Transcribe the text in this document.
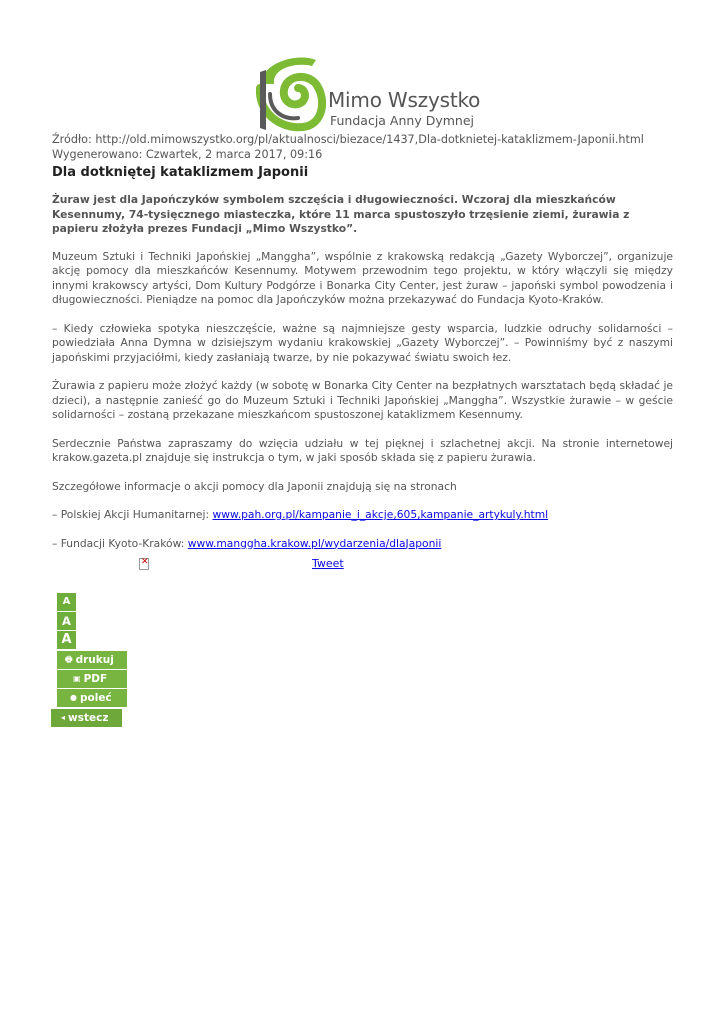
Mimo Wszystko
Fundacja Anny Dymnej
Źródło: http://old.mimowszystko.org/pl/aktualnosci/biezace/1437,Dla-dotknietej-kataklizmem-Japonii.html
Wygenerowano: Czwartek, 2 marca 2017, 09:16
Dla dotkniętej kataklizmem Japonii

Żuraw jest dla Japończyków symbolem szczęścia i długowieczności. Wczoraj dla mieszkańców Kesennumy, 74-tysięcznego miasteczka, które 11 marca spustoszyło trzęsienie ziemi, żurawia z papieru złożyła prezes Fundacji „Mimo Wszystko”.

Muzeum Sztuki i Techniki Japońskiej „Manggha”, wspólnie z krakowską redakcją „Gazety Wyborczej”, organizuje akcję pomocy dla mieszkańców Kesennumy. Motywem przewodnim tego projektu, w który włączyli się między innymi krakowscy artyści, Dom Kultury Podgórze i Bonarka City Center, jest żuraw – japoński symbol powodzenia i długowieczności. Pieniądze na pomoc dla Japończyków można przekazywać do Fundacja Kyoto-Kraków.

– Kiedy człowieka spotyka nieszczęście, ważne są najmniejsze gesty wsparcia, ludzkie odruchy solidarności – powiedziała Anna Dymna w dzisiejszym wydaniu krakowskiej „Gazety Wyborczej”. – Powinniśmy być z naszymi japońskimi przyjaciółmi, kiedy zasłaniają twarze, by nie pokazywać światu swoich łez.

Żurawia z papieru może złożyć każdy (w sobotę w Bonarka City Center na bezpłatnych warsztatach będą składać je dzieci), a następnie zanieść go do Muzeum Sztuki i Techniki Japońskiej „Manggha”. Wszystkie żurawie – w geście solidarności – zostaną przekazane mieszkańcom spustoszonej kataklizmem Kesennumy.

Serdecznie Państwa zapraszamy do wzięcia udziału w tej pięknej i szlachetnej akcji. Na stronie internetowej krakow.gazeta.pl znajduje się instrukcja o tym, w jaki sposób składa się z papieru żurawia.

Szczegółowe informacje o akcji pomocy dla Japonii znajdują się na stronach

– Polskiej Akcji Humanitarnej: www.pah.org.pl/kampanie_i_akcje,605,kampanie_artykuly.html

– Fundacji Kyoto-Kraków: www.manggha.krakow.pl/wydarzenia/dlaJaponii

✕
Tweet
A
A
A
🖶 drukuj
▣ PDF
● poleć
◂ wstecz
